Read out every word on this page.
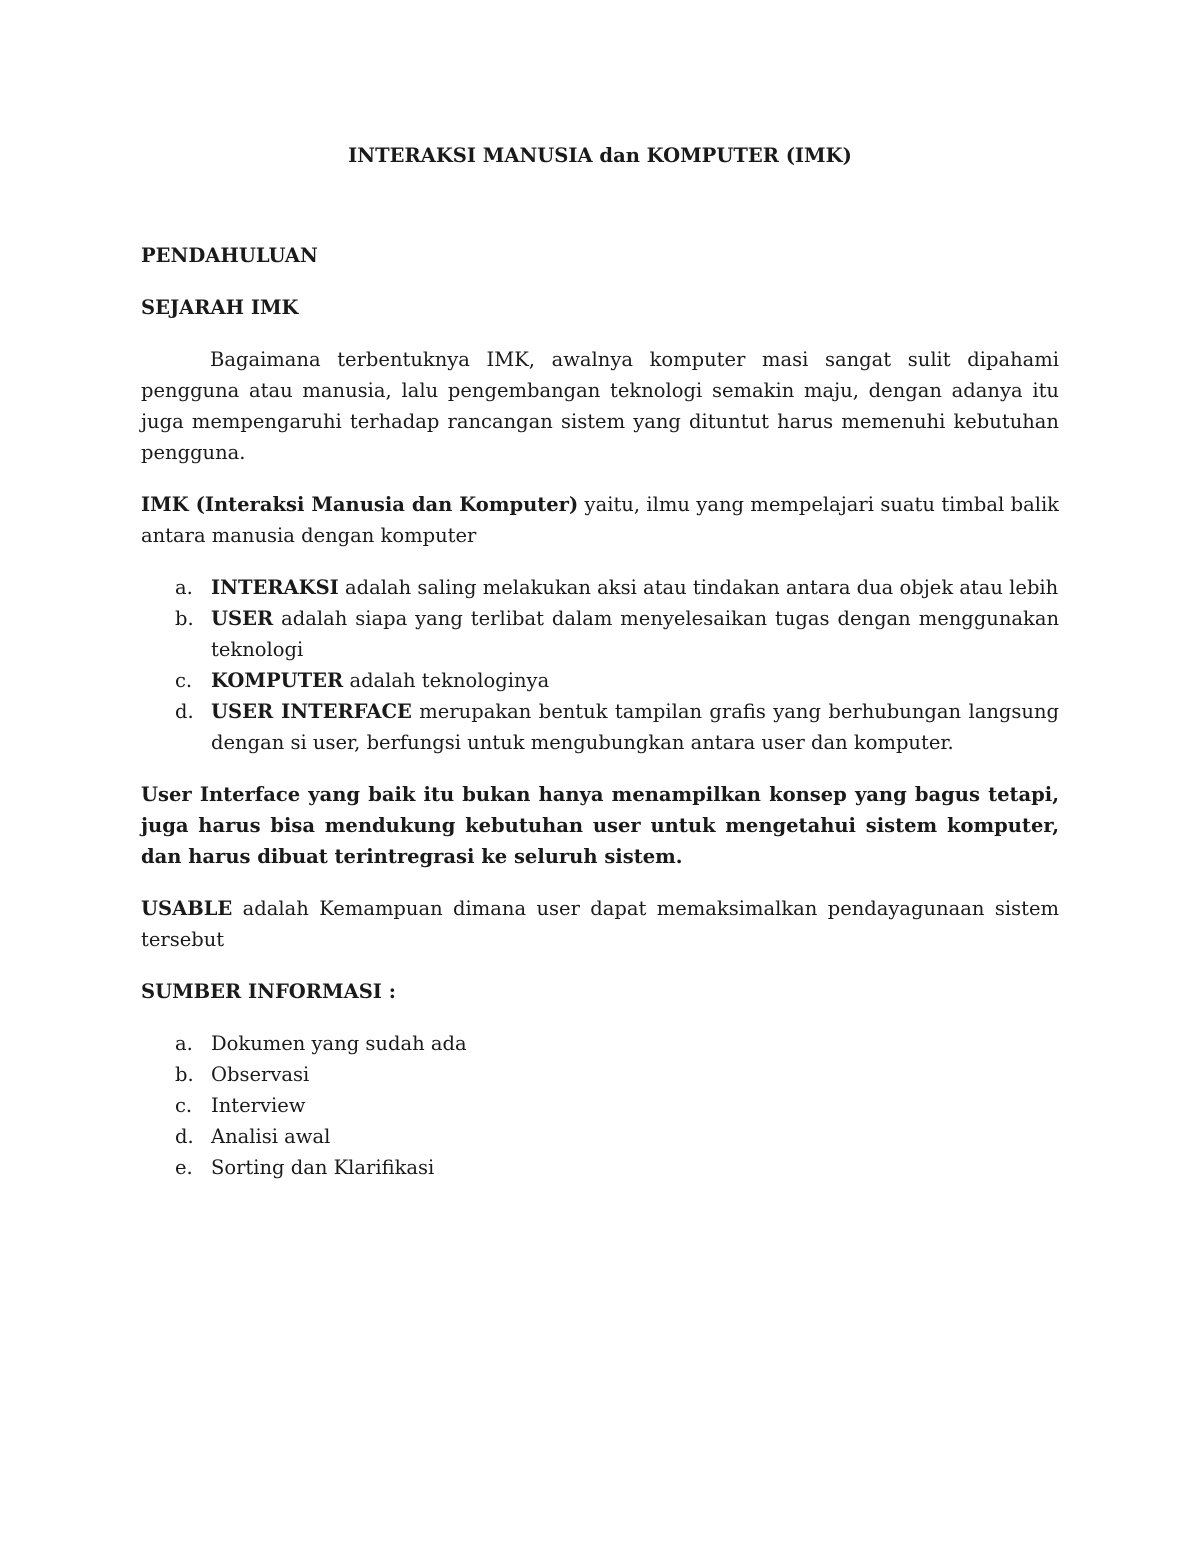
INTERAKSI MANUSIA dan KOMPUTER (IMK)

PENDAHULUAN

SEJARAH IMK

Bagaimana terbentuknya IMK, awalnya komputer masi sangat sulit dipahami pengguna atau manusia, lalu pengembangan teknologi semakin maju, dengan adanya itu juga mempengaruhi terhadap rancangan sistem yang dituntut harus memenuhi kebutuhan pengguna.

IMK (Interaksi Manusia dan Komputer) yaitu, ilmu yang mempelajari suatu timbal balik antara manusia dengan komputer

a. INTERAKSI adalah saling melakukan aksi atau tindakan antara dua objek atau lebih
b. USER adalah siapa yang terlibat dalam menyelesaikan tugas dengan menggunakan teknologi
c. KOMPUTER adalah teknologinya
d. USER INTERFACE merupakan bentuk tampilan grafis yang berhubungan langsung dengan si user, berfungsi untuk mengubungkan antara user dan komputer.

User Interface yang baik itu bukan hanya menampilkan konsep yang bagus tetapi, juga harus bisa mendukung kebutuhan user untuk mengetahui sistem komputer, dan harus dibuat terintregrasi ke seluruh sistem.

USABLE adalah Kemampuan dimana user dapat memaksimalkan pendayagunaan sistem tersebut

SUMBER INFORMASI :

a. Dokumen yang sudah ada
b. Observasi
c. Interview
d. Analisi awal
e. Sorting dan Klarifikasi
